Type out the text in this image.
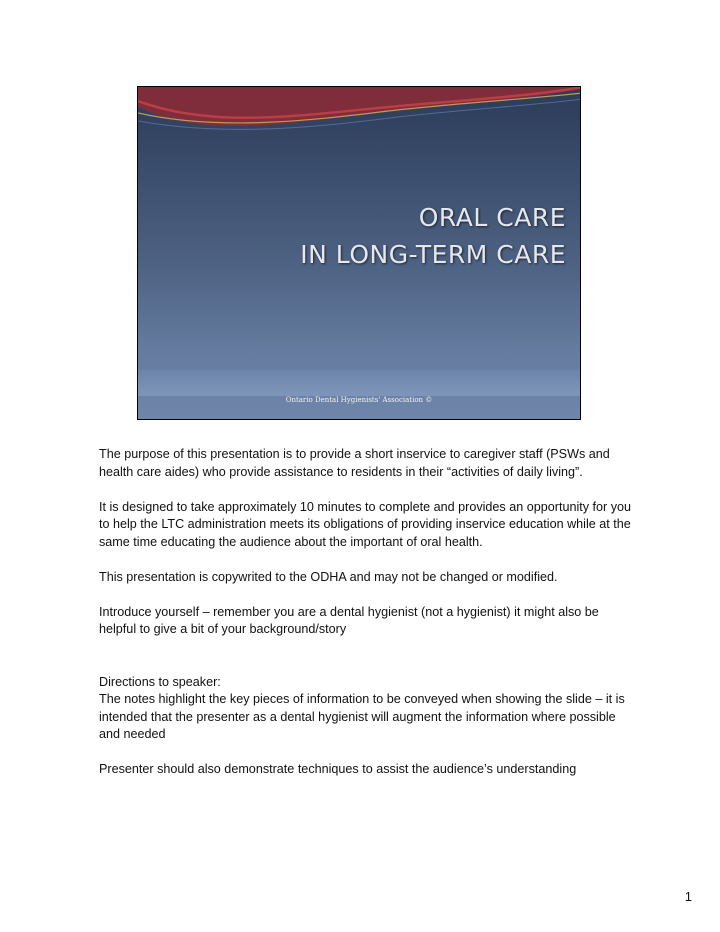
ORAL CARE
IN LONG-TERM CARE
Ontario Dental Hygienists' Association ©

The purpose of this presentation is to provide a short inservice to caregiver staff (PSWs and health care aides) who provide assistance to residents in their “activities of daily living”.

It is designed to take approximately 10 minutes to complete and provides an opportunity for you to help the LTC administration meets its obligations of providing inservice education while at the same time educating the audience about the important of oral health.

This presentation is copywrited to the ODHA and may not be changed or modified.

Introduce yourself – remember you are a dental hygienist (not a hygienist) it might also be helpful to give a bit of your background/story

Directions to speaker:

The notes highlight the key pieces of information to be conveyed when showing the slide – it is intended that the presenter as a dental hygienist will augment the information where possible and needed

Presenter should also demonstrate techniques to assist the audience’s understanding

1
